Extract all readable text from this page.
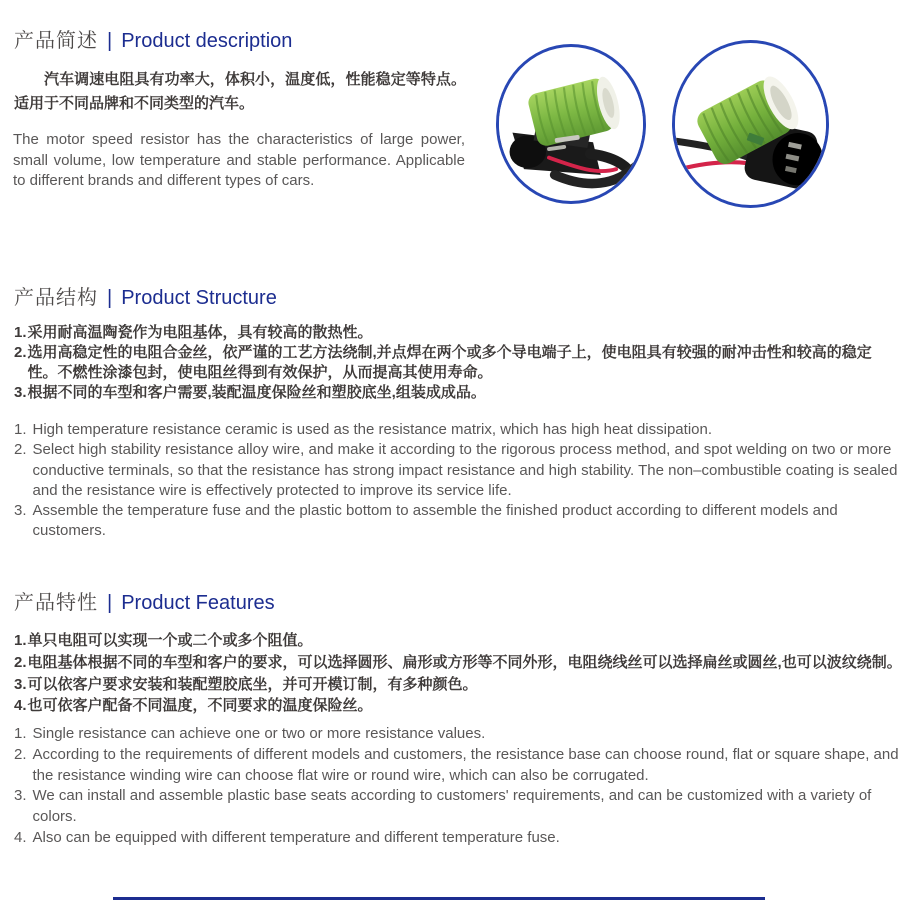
产品简述 | Product description

汽车调速电阻具有功率大，体积小，温度低，性能稳定等特点。适用于不同品牌和不同类型的汽车。

The motor speed resistor has the characteristics of large power, small volume, low temperature and stable performance. Applicable to different brands and different types of cars.

产品结构 | Product Structure
1. 采用耐高温陶瓷作为电阻基体，具有较高的散热性。
2. 选用高稳定性的电阻合金丝，依严谨的工艺方法绕制,并点焊在两个或多个导电端子上，使电阻具有较强的耐冲击性和较高的稳定性。不燃性涂漆包封，使电阻丝得到有效保护，从而提高其使用寿命。
3. 根据不同的车型和客户需要,装配温度保险丝和塑胶底坐,组装成成品。
1. High temperature resistance ceramic is used as the resistance matrix, which has high heat dissipation.
2. Select high stability resistance alloy wire, and make it according to the rigorous process method, and spot welding on two or more conductive terminals, so that the resistance has strong impact resistance and high stability. The non–combustible coating is sealed and the resistance wire is effectively protected to improve its service life.
3. Assemble the temperature fuse and the plastic bottom to assemble the finished product according to different models and customers.
产品特性 | Product Features
1. 单只电阻可以实现一个或二个或多个阻值。
2. 电阻基体根据不同的车型和客户的要求，可以选择圆形、扁形或方形等不同外形，电阻绕线丝可以选择扁丝或圆丝,也可以波纹绕制。
3. 可以依客户要求安装和装配塑胶底坐，并可开模订制，有多种颜色。
4. 也可依客户配备不同温度，不同要求的温度保险丝。
1. Single resistance can achieve one or two or more resistance values.
2. According to the requirements of different models and customers, the resistance base can choose round, flat or square shape, and the resistance winding wire can choose flat wire or round wire, which can also be corrugated.
3. We can install and assemble plastic base seats according to customers' requirements, and can be customized with a variety of colors.
4. Also can be equipped with different temperature and different temperature fuse.
